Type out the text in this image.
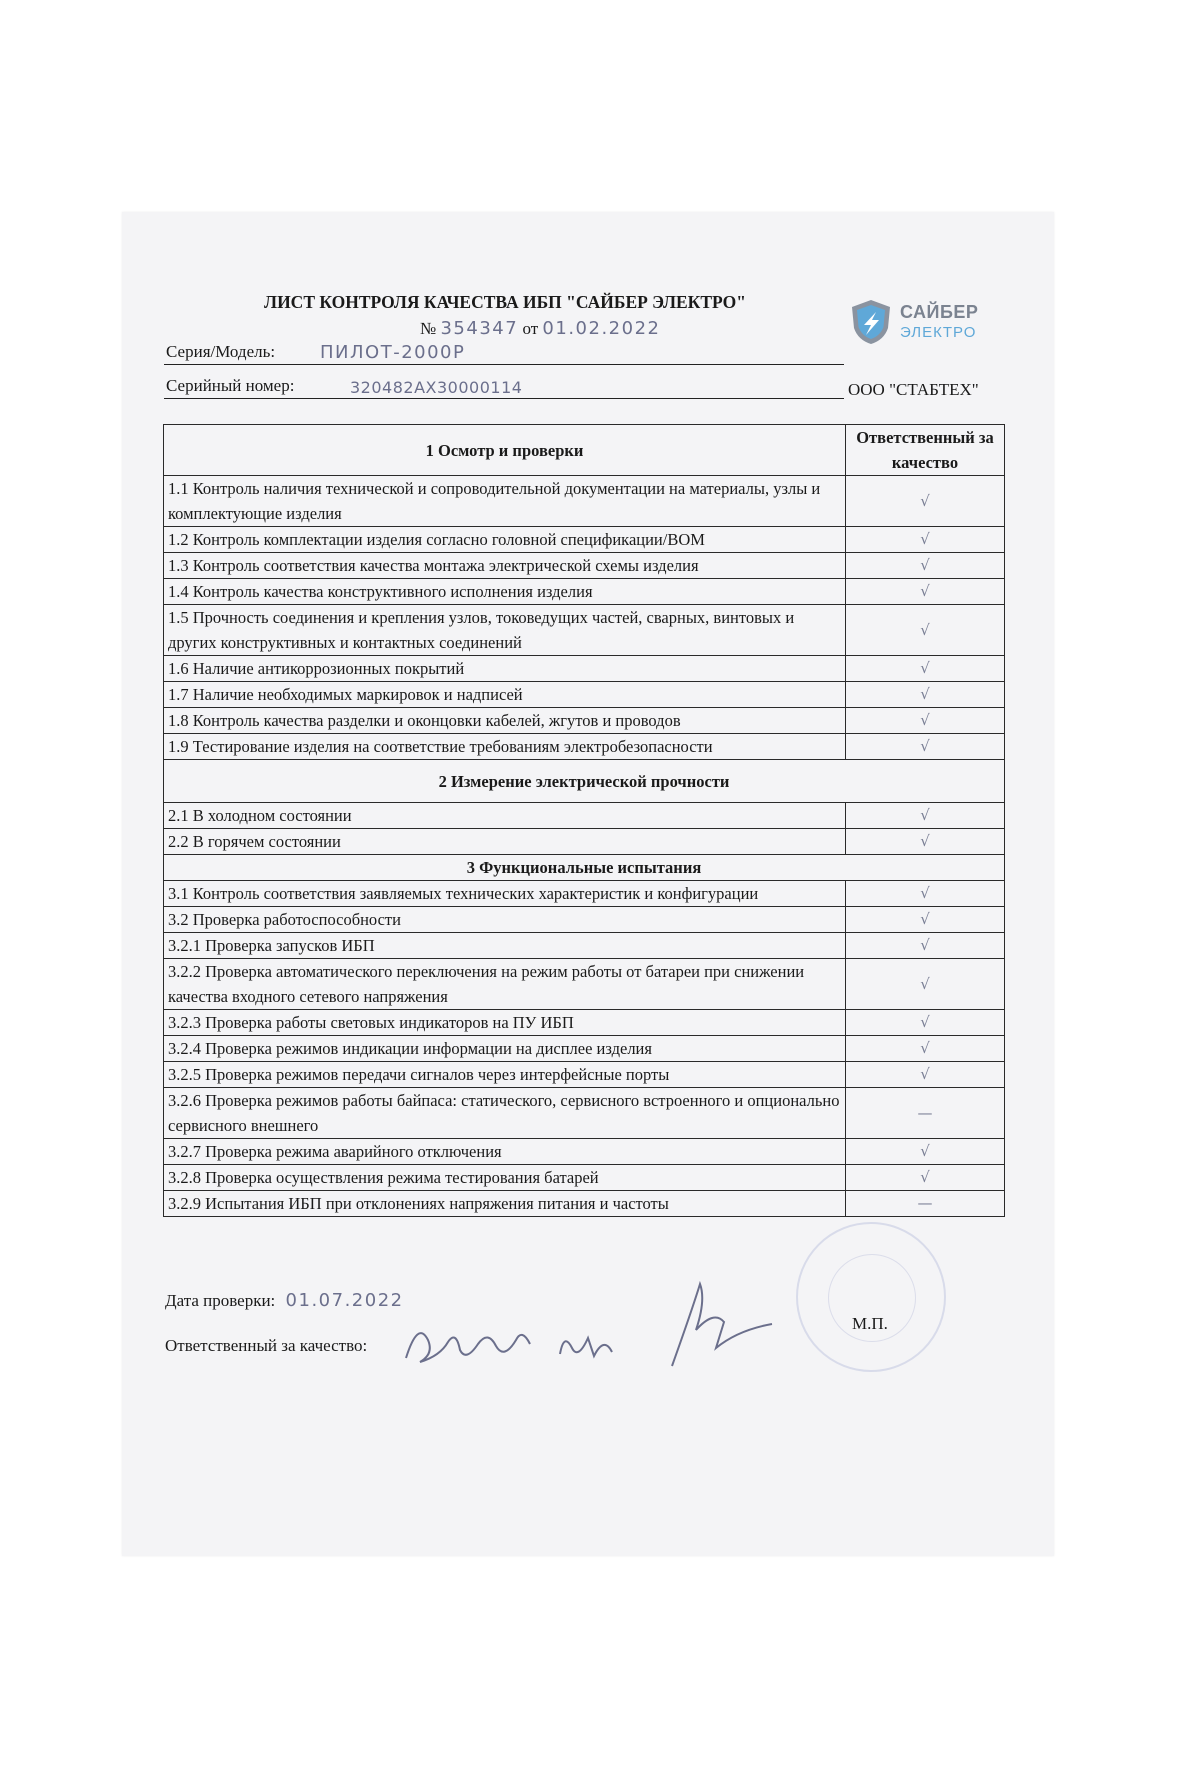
ЛИСТ КОНТРОЛЯ КАЧЕСТВА ИБП "САЙБЕР ЭЛЕКТРО"
№ 354347 от 01.02.2022
САЙБЕР
ЭЛЕКТРО
Серия/Модель: ПИЛОТ-2000Р
Серийный номер:	320482AX30000114	ООО "СТАБТЕХ"
1 Осмотр и проверки	Ответственный за качество
1.1 Контроль наличия технической и сопроводительной документации на материалы, узлы и комплектующие изделия	√
1.2 Контроль комплектации изделия согласно головной спецификации/BOM	√
1.3 Контроль соответствия качества монтажа электрической схемы изделия	√
1.4 Контроль качества конструктивного исполнения изделия	√
1.5 Прочность соединения и крепления узлов, токоведущих частей, сварных, винтовых и других конструктивных и контактных соединений	√
1.6 Наличие антикоррозионных покрытий	√
1.7 Наличие необходимых маркировок и надписей	√
1.8 Контроль качества разделки и оконцовки кабелей, жгутов и проводов	√
1.9 Тестирование изделия на соответствие требованиям электробезопасности	√
2 Измерение электрической прочности	
2.1 В холодном состоянии	√
2.2 В горячем состоянии	√
3 Функциональные испытания	
3.1 Контроль соответствия заявляемых технических характеристик и конфигурации	√
3.2 Проверка работоспособности	√
3.2.1 Проверка запусков ИБП	√
3.2.2 Проверка автоматического переключения на режим работы от батареи при снижении качества входного сетевого напряжения	√
3.2.3 Проверка работы световых индикаторов на ПУ ИБП	√
3.2.4 Проверка режимов индикации информации на дисплее изделия	√
3.2.5 Проверка режимов передачи сигналов через интерфейсные порты	√
3.2.6 Проверка режимов работы байпаса: статического, сервисного встроенного и опционально сервисного внешнего	—
3.2.7 Проверка режима аварийного отключения	√
3.2.8 Проверка осуществления режима тестирования батарей	√
3.2.9 Испытания ИБП при отклонениях напряжения питания и частоты	—
Дата проверки: 01.07.2022
Ответственный за качество:
М.П.
